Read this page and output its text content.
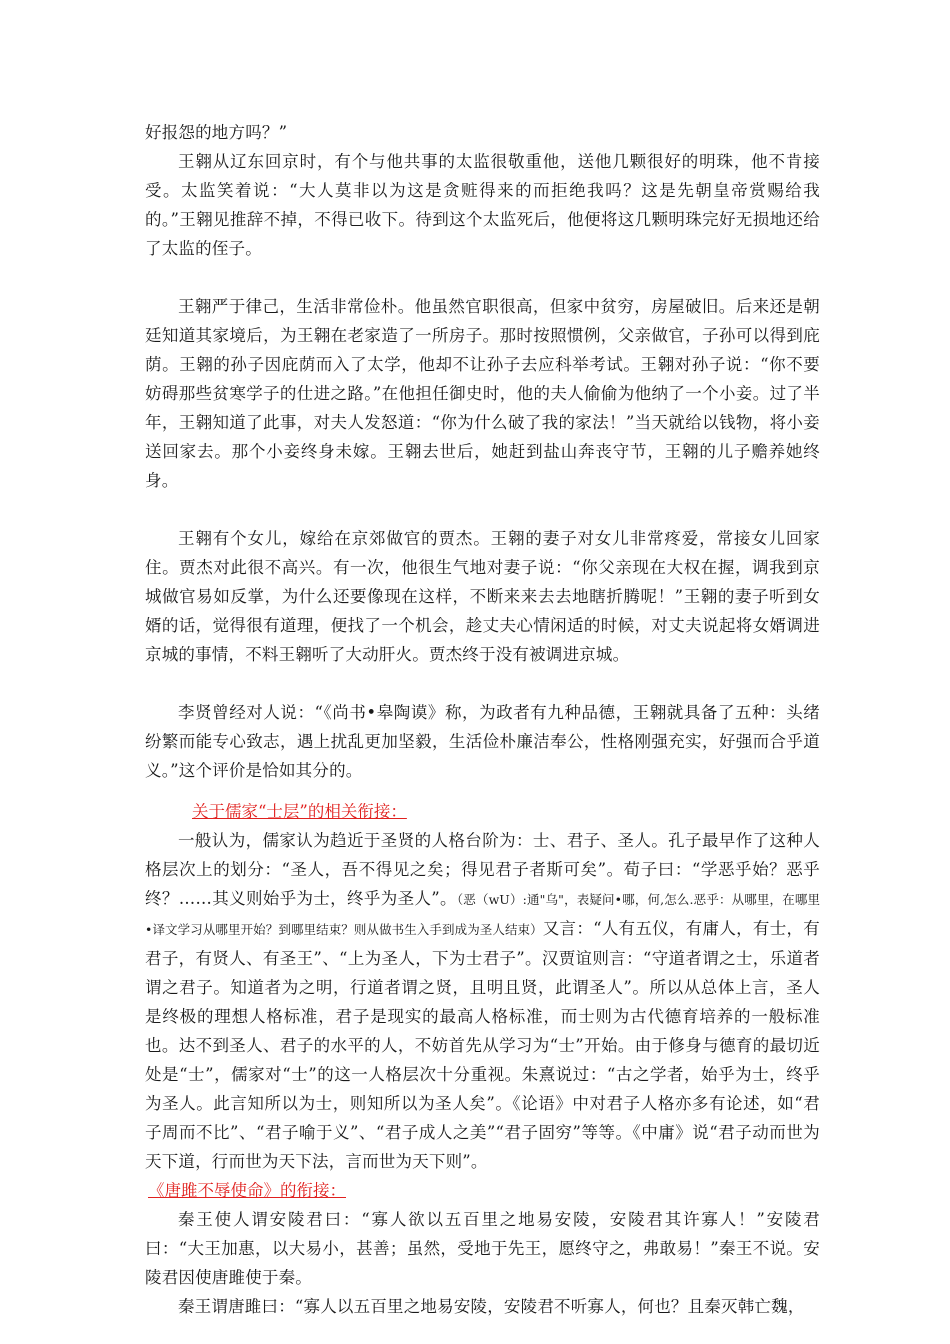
好报怨的地方吗？”

王翱从辽东回京时，有个与他共事的太监很敬重他，送他几颗很好的明珠，他不肯接受。太监笑着说：“大人莫非以为这是贪赃得来的而拒绝我吗？这是先朝皇帝赏赐给我的。”王翱见推辞不掉，不得已收下。待到这个太监死后，他便将这几颗明珠完好无损地还给了太监的侄子。

王翱严于律己，生活非常俭朴。他虽然官职很高，但家中贫穷，房屋破旧。后来还是朝廷知道其家境后，为王翱在老家造了一所房子。那时按照惯例，父亲做官，子孙可以得到庇荫。王翱的孙子因庇荫而入了太学，他却不让孙子去应科举考试。王翱对孙子说：“你不要妨碍那些贫寒学子的仕进之路。”在他担任御史时，他的夫人偷偷为他纳了一个小妾。过了半年，王翱知道了此事，对夫人发怒道：“你为什么破了我的家法！”当天就给以钱物，将小妾送回家去。那个小妾终身未嫁。王翱去世后，她赶到盐山奔丧守节，王翱的儿子赡养她终身。

王翱有个女儿，嫁给在京郊做官的贾杰。王翱的妻子对女儿非常疼爱，常接女儿回家住。贾杰对此很不高兴。有一次，他很生气地对妻子说：“你父亲现在大权在握，调我到京城做官易如反掌，为什么还要像现在这样，不断来来去去地瞎折腾呢！”王翱的妻子听到女婿的话，觉得很有道理，便找了一个机会，趁丈夫心情闲适的时候，对丈夫说起将女婿调进京城的事情，不料王翱听了大动肝火。贾杰终于没有被调进京城。

李贤曾经对人说：“《尚书•皋陶谟》称，为政者有九种品德，王翱就具备了五种：头绪纷繁而能专心致志，遇上扰乱更加坚毅，生活俭朴廉洁奉公，性格刚强充实，好强而合乎道义。”这个评价是恰如其分的。

关于儒家“士层”的相关衔接：

一般认为，儒家认为趋近于圣贤的人格台阶为：士、君子、圣人。孔子最早作了这种人格层次上的划分：“圣人，吾不得见之矣；得见君子者斯可矣”。荀子曰：“学恶乎始？恶乎终？……其义则始乎为士，终乎为圣人”。（恶（wU）:通"乌"，表疑问•哪，何,怎么.恶乎：从哪里，在哪里•译文学习从哪里开始？到哪里结束？则从做书生入手到成为圣人结束）又言：“人有五仪，有庸人，有士，有君子，有贤人、有圣王”、“上为圣人，下为士君子”。汉贾谊则言：“守道者谓之士，乐道者谓之君子。知道者为之明，行道者谓之贤，且明且贤，此谓圣人”。所以从总体上言，圣人是终极的理想人格标准，君子是现实的最高人格标准，而士则为古代德育培养的一般标准也。达不到圣人、君子的水平的人，不妨首先从学习为“士”开始。由于修身与德育的最切近处是“士”，儒家对“士”的这一人格层次十分重视。朱熹说过：“古之学者，始乎为士，终乎为圣人。此言知所以为士，则知所以为圣人矣”。《论语》中对君子人格亦多有论述，如“君子周而不比”、“君子喻于义”、“君子成人之美”“君子固穷”等等。《中庸》说“君子动而世为天下道，行而世为天下法，言而世为天下则”。

《唐雎不辱使命》的衔接：

秦王使人谓安陵君曰：“寡人欲以五百里之地易安陵，安陵君其许寡人！”安陵君曰：“大王加惠，以大易小，甚善；虽然，受地于先王，愿终守之，弗敢易！”秦王不说。安陵君因使唐雎使于秦。

秦王谓唐雎曰：“寡人以五百里之地易安陵，安陵君不听寡人，何也？且秦灭韩亡魏，
